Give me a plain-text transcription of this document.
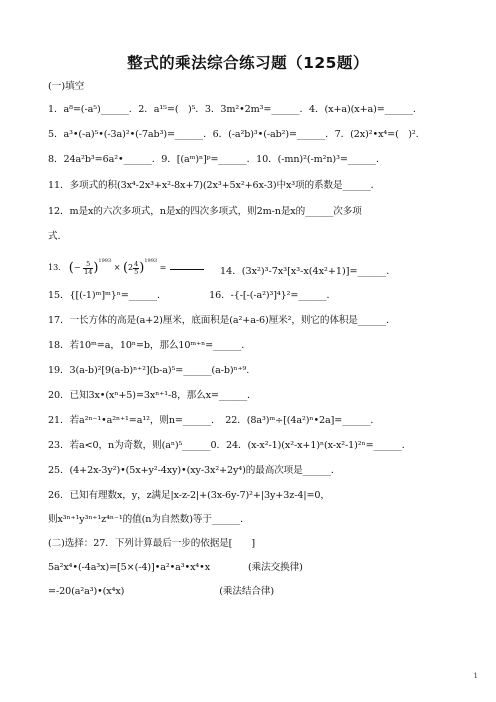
整式的乘法综合练习题（125题）
(一)填空
1．a⁸=(-a⁵)______．2．a¹⁵=(　)⁵．3．3m²•2m³=______．4．(x+a)(x+a)=______．
5．a³•(-a)⁵•(-3a)²•(-7ab³)=______．6．(-a²b)³•(-ab²)=______．7．(2x)²•x⁴=(　)².
8．24a²b³=6a²•______．9．[(aᵐ)ⁿ]ᵖ=______．10．(-mn)²(-m²n)³=______．
11．多项式的积(3x⁴-2x³+x²-8x+7)(2x³+5x²+6x-3)中x³项的系数是______．
12．m是x的六次多项式，n是x的四次多项式，则2m-n是x的______次多项
式．
13． (− $\frac{5}{14} )^{1993} \times (2 \frac{4}{5} )^{1993}$ =	14．(3x²)³-7x³[x³-x(4x²+1)]=______．
15．{[(-1)ᵐ]ᵐ}ⁿ=______．　　　　　16．-{-[-(-a²)³]⁴}²=______．
17．一长方体的高是(a+2)厘米，底面积是(a²+a-6)厘米²，则它的体积是______．
18．若10ᵐ=a，10ⁿ=b，那么10ᵐ⁺ⁿ=______．
19．3(a-b)²[9(a-b)ⁿ⁺²](b-a)⁵=______(a-b)ⁿ⁺⁹.
20．已知3x•(xⁿ+5)=3xⁿ⁺¹-8，那么x=______．
21．若a²ⁿ⁻¹•a²ⁿ⁺¹=a¹²，则n=______．　22．(8a³)ᵐ÷[(4a²)ⁿ•2a]=______．
23．若a<0，n为奇数，则(aⁿ)⁵______0．24．(x-x²-1)(x²-x+1)ⁿ(x-x²-1)²ⁿ=______．
25．(4+2x-3y²)•(5x+y²-4xy)•(xy-3x²+2y⁴)的最高次项是______．
26．已知有理数x，y，z满足|x-z-2|+(3x-6y-7)²+|3y+3z-4|=0，
则x³ⁿ⁺¹y³ⁿ⁺¹z⁴ⁿ⁻¹的值(n为自然数)等于______．
(二)选择：27．下列计算最后一步的依据是[　　]
5a²x⁴•(-4a³x)=[5×(-4)]•a²•a³•x⁴•x　　　　(乘法交换律)
=-20(a²a³)•(x⁴x)　　　　　　　　　　(乘法结合律)
1
